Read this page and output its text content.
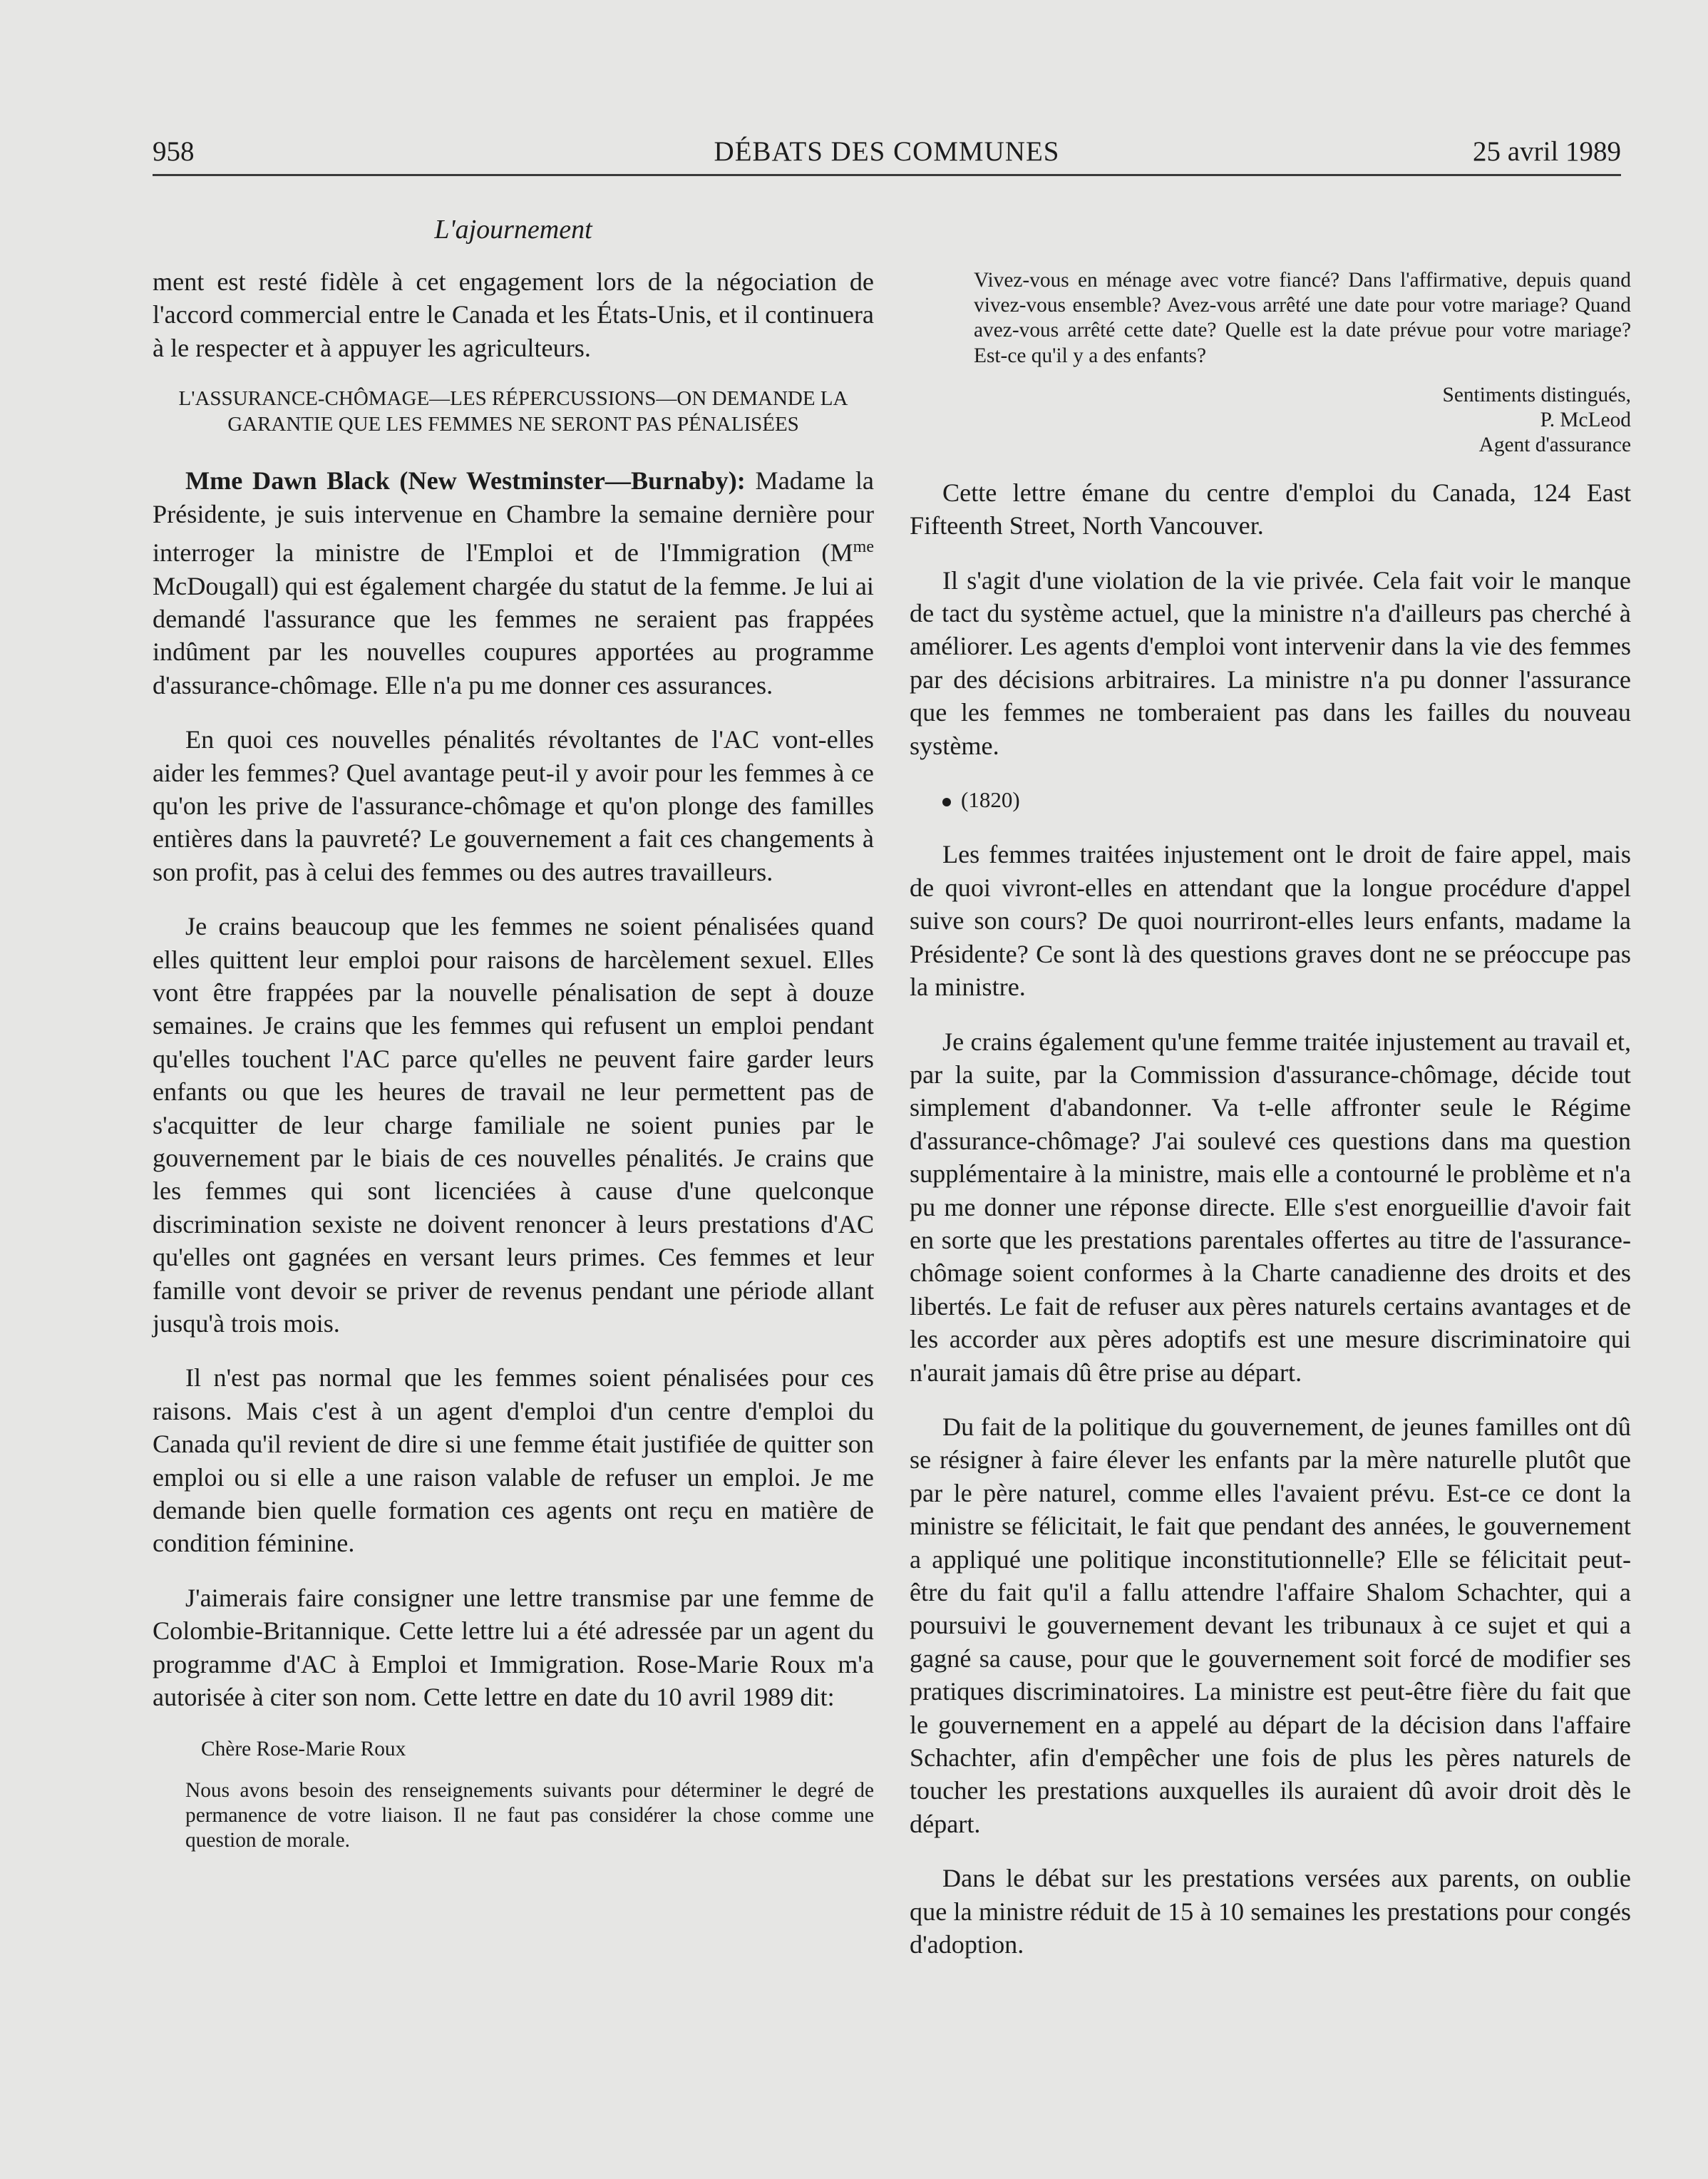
958	DÉBATS DES COMMUNES	25 avril 1989
L'ajournement

ment est resté fidèle à cet engagement lors de la négociation de l'accord commercial entre le Canada et les États-Unis, et il continuera à le respecter et à appuyer les agriculteurs.

L'ASSURANCE-CHÔMAGE—LES RÉPERCUSSIONS—ON DEMANDE LA GARANTIE QUE LES FEMMES NE SERONT PAS PÉNALISÉES

Mme Dawn Black (New Westminster—Burnaby): Madame la Présidente, je suis intervenue en Chambre la semaine dernière pour interroger la ministre de l'Emploi et de l'Immigration ($M^{me}$ McDougall) qui est également chargée du statut de la femme. Je lui ai demandé l'assurance que les femmes ne seraient pas frappées indûment par les nouvelles coupures apportées au programme d'assurance-chômage. Elle n'a pu me donner ces assurances.

En quoi ces nouvelles pénalités révoltantes de l'AC vont-elles aider les femmes? Quel avantage peut-il y avoir pour les femmes à ce qu'on les prive de l'assurance-chômage et qu'on plonge des familles entières dans la pauvreté? Le gouvernement a fait ces changements à son profit, pas à celui des femmes ou des autres travailleurs.

Je crains beaucoup que les femmes ne soient pénalisées quand elles quittent leur emploi pour raisons de harcèlement sexuel. Elles vont être frappées par la nouvelle pénalisation de sept à douze semaines. Je crains que les femmes qui refusent un emploi pendant qu'elles touchent l'AC parce qu'elles ne peuvent faire garder leurs enfants ou que les heures de travail ne leur permettent pas de s'acquitter de leur charge familiale ne soient punies par le gouvernement par le biais de ces nouvelles pénalités. Je crains que les femmes qui sont licenciées à cause d'une quelconque discrimination sexiste ne doivent renoncer à leurs prestations d'AC qu'elles ont gagnées en versant leurs primes. Ces femmes et leur famille vont devoir se priver de revenus pendant une période allant jusqu'à trois mois.

Il n'est pas normal que les femmes soient pénalisées pour ces raisons. Mais c'est à un agent d'emploi d'un centre d'emploi du Canada qu'il revient de dire si une femme était justifiée de quitter son emploi ou si elle a une raison valable de refuser un emploi. Je me demande bien quelle formation ces agents ont reçu en matière de condition féminine.

J'aimerais faire consigner une lettre transmise par une femme de Colombie-Britannique. Cette lettre lui a été adressée par un agent du programme d'AC à Emploi et Immigration. Rose-Marie Roux m'a autorisée à citer son nom. Cette lettre en date du 10 avril 1989 dit:

Chère Rose-Marie Roux
Nous avons besoin des renseignements suivants pour déterminer le degré de permanence de votre liaison. Il ne faut pas considérer la chose comme une question de morale.
Vivez-vous en ménage avec votre fiancé? Dans l'affirmative, depuis quand vivez-vous ensemble? Avez-vous arrêté une date pour votre mariage? Quand avez-vous arrêté cette date? Quelle est la date prévue pour votre mariage? Est-ce qu'il y a des enfants?
Sentiments distingués,
P. McLeod
Agent d'assurance

Cette lettre émane du centre d'emploi du Canada, 124 East Fifteenth Street, North Vancouver.

Il s'agit d'une violation de la vie privée. Cela fait voir le manque de tact du système actuel, que la ministre n'a d'ailleurs pas cherché à améliorer. Les agents d'emploi vont intervenir dans la vie des femmes par des décisions arbitraires. La ministre n'a pu donner l'assurance que les femmes ne tomberaient pas dans les failles du nouveau système.

(1820)

Les femmes traitées injustement ont le droit de faire appel, mais de quoi vivront-elles en attendant que la longue procédure d'appel suive son cours? De quoi nourriront-elles leurs enfants, madame la Présidente? Ce sont là des questions graves dont ne se préoccupe pas la ministre.

Je crains également qu'une femme traitée injustement au travail et, par la suite, par la Commission d'assurance-chômage, décide tout simplement d'abandonner. Va t-elle affronter seule le Régime d'assurance-chômage? J'ai soulevé ces questions dans ma question supplémentaire à la ministre, mais elle a contourné le problème et n'a pu me donner une réponse directe. Elle s'est enorgueillie d'avoir fait en sorte que les prestations parentales offertes au titre de l'assurance-chômage soient conformes à la Charte canadienne des droits et des libertés. Le fait de refuser aux pères naturels certains avantages et de les accorder aux pères adoptifs est une mesure discriminatoire qui n'aurait jamais dû être prise au départ.

Du fait de la politique du gouvernement, de jeunes familles ont dû se résigner à faire élever les enfants par la mère naturelle plutôt que par le père naturel, comme elles l'avaient prévu. Est-ce ce dont la ministre se félicitait, le fait que pendant des années, le gouvernement a appliqué une politique inconstitutionnelle? Elle se félicitait peut-être du fait qu'il a fallu attendre l'affaire Shalom Schachter, qui a poursuivi le gouvernement devant les tribunaux à ce sujet et qui a gagné sa cause, pour que le gouvernement soit forcé de modifier ses pratiques discriminatoires. La ministre est peut-être fière du fait que le gouvernement en a appelé au départ de la décision dans l'affaire Schachter, afin d'empêcher une fois de plus les pères naturels de toucher les prestations auxquelles ils auraient dû avoir droit dès le départ.

Dans le débat sur les prestations versées aux parents, on oublie que la ministre réduit de 15 à 10 semaines les prestations pour congés d'adoption.
